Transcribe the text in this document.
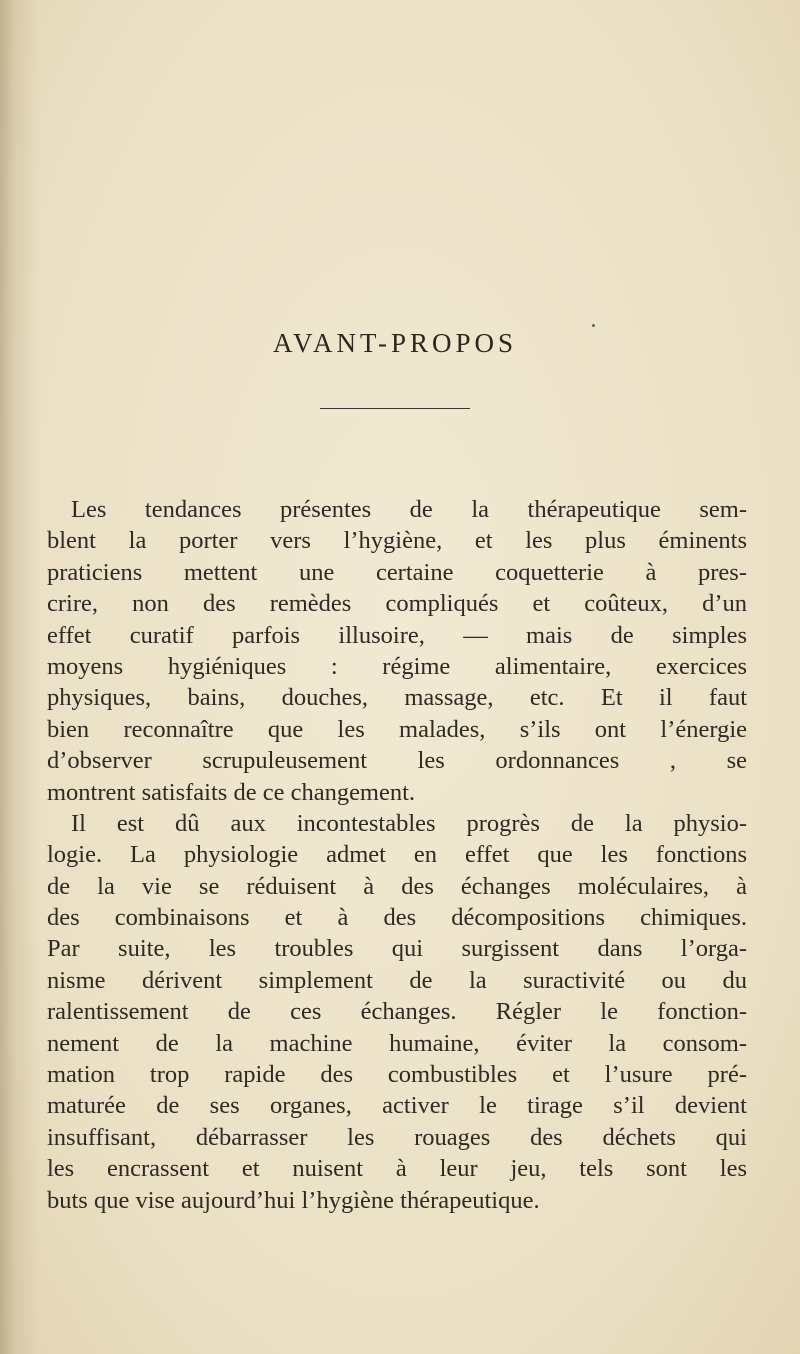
AVANT-PROPOS
Les tendances présentes de la thérapeutique sem-
blent la porter vers l’hygiène, et les plus éminents
praticiens mettent une certaine coquetterie à pres-
crire, non des remèdes compliqués et coûteux, d’un
effet curatif parfois illusoire, — mais de simples
moyens hygiéniques : régime alimentaire, exercices
physiques, bains, douches, massage, etc. Et il faut
bien reconnaître que les malades, s’ils ont l’énergie
d’observer scrupuleusement les ordonnances , se
montrent satisfaits de ce changement.
Il est dû aux incontestables progrès de la physio-
logie. La physiologie admet en effet que les fonctions
de la vie se réduisent à des échanges moléculaires, à
des combinaisons et à des décompositions chimiques.
Par suite, les troubles qui surgissent dans l’orga-
nisme dérivent simplement de la suractivité ou du
ralentissement de ces échanges. Régler le fonction-
nement de la machine humaine, éviter la consom-
mation trop rapide des combustibles et l’usure pré-
maturée de ses organes, activer le tirage s’il devient
insuffisant, débarrasser les rouages des déchets qui
les encrassent et nuisent à leur jeu, tels sont les
buts que vise aujourd’hui l’hygiène thérapeutique.
